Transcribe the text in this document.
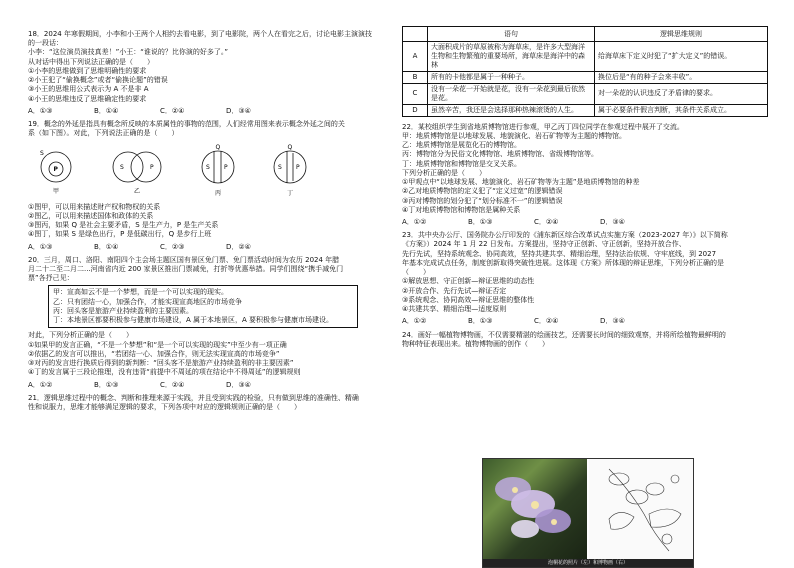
18．2024 年寒假期间，小李和小王两个人相约去看电影，到了电影院，两个人在看完之后，讨论电影主演演技

的一段话：

小李：“这位演员演技真差！”小王：“谁说的？比你演的好多了。”

从对话中得出下列说法正确的是（　　）

①小李的思维做到了思维明确性的要求

②小王犯了“偷换概念”或者“偷换论题”的错误

③小王的思维用公式表示为 A 不是非 A

④小王的思维违反了思维确定性的要求

A．①③	B．①④	C．②④	D．③④

19．概念的外延是指具有概念所反映的本质属性的事物的范围，人们经常用图来表示概念外延之间的关

系（如下图）。对此，下列说法正确的是（　　）

S
P
甲
S	P
乙
Q
S P
丙
Q
S P
丁

①图甲，可以用来描述财产权和物权的关系

②图乙，可以用来描述国体和政体的关系

③图丙，如果 Q 是社会主要矛盾，S 是生产力，P 是生产关系

④图丁，如果 S 是绿色出行，P 是低碳出行，Q 是步行上班

A．①③	B．①④	C．②③	D．②④

20．三月，周口、洛阳、南阳四个主会场主题区国有景区免门票、免门票活动时间为农历 2024 年腊

月二十二至二月二...河南省内近 200 家景区推出门票减免，打折等优惠举措。同学们围绕“携手减免门

票”各抒己见：

甲：宣高如云不是一个梦想，而是一个可以实现的现实。

乙：只有团结一心，加强合作，才能实现宣高地区的市场竞争

丙：回头客是旅游产业持续盈利的主要因素。

丁：本地景区都要积极参与健康市场建设，A 属于本地景区，A 要积极参与健康市场建设。

对此，下列分析正确的是（　　）

①如果甲的发言正确，“不是一个梦想”和“是一个可以实现的现实”中至少有一项正确

②依据乙的发言可以推出，“若团结一心、加强合作，则无法实现宣高的市场竞争”

③对丙的发言进行换质后得到的新判断：“回头客不是旅游产业持续盈利的非主要因素”

④丁的发言属于三段论推理，没有违背“前提中不周延的项在结论中不得周延”的逻辑规则

A．①②	B．①③	C．②④	D．③④

21．逻辑思维过程中的概念、判断和推理来源于实践，并且受到实践的检验，只有做到思维的准确性、精确

性和说服力，思维才能够满足逻辑的要求，下列各项中对应的逻辑规则正确的是（　　）

	语句	逻辑思维规则
A	大面积成片的草原被称为海草床，是许多大型海洋生物和生物繁殖的重要场所，海草床是海洋中的森林	给海草床下定义时犯了“扩大定义”的错误。
B	所有的卡他都是属于一种种子。	换位后是“有的种子会来丰收”。
C	没有一朵花一开始就是花，没有一朵花到最后依然是花。	对一朵花的认识违反了矛盾律的要求。
D	虽然辛苦，我还是会选择那种热辣滚烫的人生。	属于必要条件假言判断，其条件关系成立。

22．某校组织学生到省地质博物馆进行参观，甲乙丙丁四位同学在参观过程中展开了交流。

甲：地质博物馆是以地球发展、地貌演化、岩石矿物等为主题的博物馆。

乙：地质博物馆是展览化石的博物馆。

丙：博物馆分为民俗文化博物馆、地质博物馆、省级博物馆等。

丁：地质博物馆和博物馆是交叉关系。

下列分析正确的是（　　）

①甲观点中“以地球发展、地貌演化、岩石矿物等为主题”是地质博物馆的种差

②乙对地质博物馆的定义犯了“定义过宽”的逻辑错误

③丙对博物馆的划分犯了“划分标准不一”的逻辑错误

④丁对地质博物馆和博物馆是属种关系

A．①②	B．①③	C．②④	D．③④

23．共中央办公厅、国务院办公厅印发的《浦东新区综合改革试点实施方案（2023-2027 年）》以下简称

《方案》）2024 年 1 月 22 日发布。方案提出，坚持守正创新、守正创新，坚持开放合作、

先行先试，坚持系统观念、协同高效，坚持共建共享、精细治理，坚持法治依规、守牢底线，到 2027

年基本完成试点任务，制度创新取得突破性进展。这体现《方案》所体现的辩证思维，下列分析正确的是

（　　）

①解放思想、守正创新—辩证思维的动态性

②开放合作、先行先试—辩证否定

③系统观念、协同高效—辩证思维的整体性

④共建共享、精细治理—适度原则

A．①②	B．①③	C．②④	D．③④

24．画好一幅植物博物画，不仅需要精湛的绘画技艺，还需要长时间的细致观察，并将所绘植物最鲜明的

物种特征表现出来。植物博物画的创作（　　）

泡桐花的照片（左）和博物画（右）
